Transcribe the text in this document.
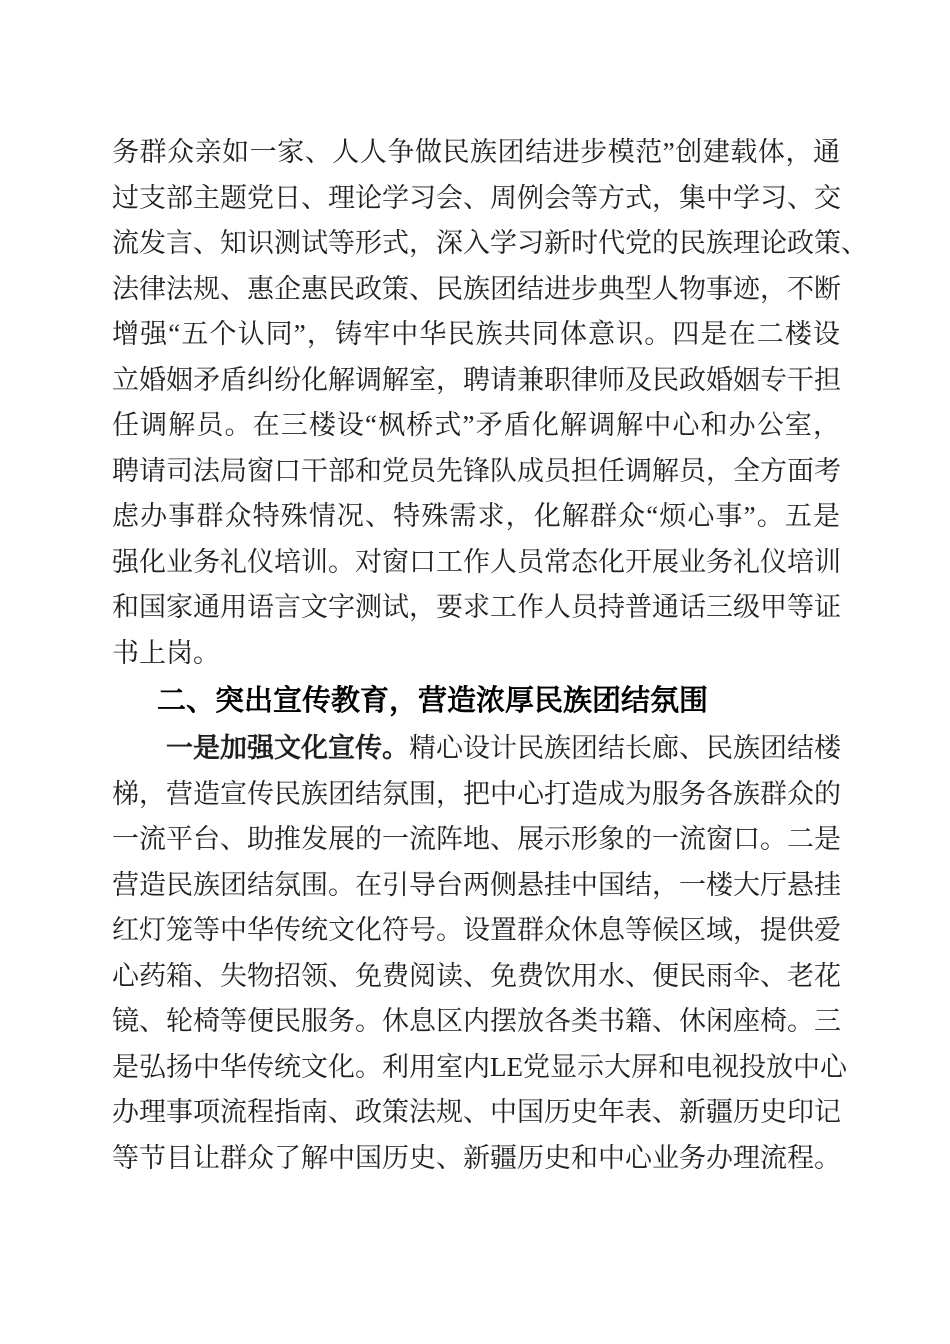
务群众亲如一家、人人争做民族团结进步模范”创建载体，通
过支部主题党日、理论学习会、周例会等方式，集中学习、交
流发言、知识测试等形式，深入学习新时代党的民族理论政策、
法律法规、惠企惠民政策、民族团结进步典型人物事迹，不断
增强“五个认同”，铸牢中华民族共同体意识。四是在二楼设
立婚姻矛盾纠纷化解调解室，聘请兼职律师及民政婚姻专干担
任调解员。在三楼设“枫桥式”矛盾化解调解中心和办公室，
聘请司法局窗口干部和党员先锋队成员担任调解员，全方面考
虑办事群众特殊情况、特殊需求，化解群众“烦心事”。五是
强化业务礼仪培训。对窗口工作人员常态化开展业务礼仪培训
和国家通用语言文字测试，要求工作人员持普通话三级甲等证
书上岗。
二、突出宣传教育，营造浓厚民族团结氛围
一是加强文化宣传。精心设计民族团结长廊、民族团结楼
梯，营造宣传民族团结氛围，把中心打造成为服务各族群众的
一流平台、助推发展的一流阵地、展示形象的一流窗口。二是
营造民族团结氛围。在引导台两侧悬挂中国结，一楼大厅悬挂
红灯笼等中华传统文化符号。设置群众休息等候区域，提供爱
心药箱、失物招领、免费阅读、免费饮用水、便民雨伞、老花
镜、轮椅等便民服务。休息区内摆放各类书籍、休闲座椅。三
是弘扬中华传统文化。利用室内LE党显示大屏和电视投放中心
办理事项流程指南、政策法规、中国历史年表、新疆历史印记
等节目让群众了解中国历史、新疆历史和中心业务办理流程。
